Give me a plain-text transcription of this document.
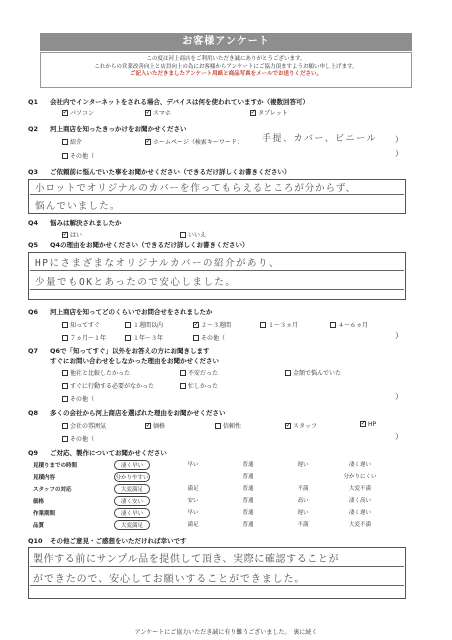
お客様アンケート
この度は河上商店をご利用いただき誠にありがとうございます。
これからの営業改善向上と店員向上の為にお客様からアンケートにご協力頂ますようお願い申し上げます。
ご記入いただきましたアンケート用紙と商品写真をメールでお送りください。
Q1 会社内でインターネットをされる場合、デバイスは何を使われていますか（複数回答可）
✓パソコン ✓	スマホ ✓	タブレット
Q2 河上商店を知ったきっかけをお聞かせください
紹介 ✓	ホームページ（検索キーワード： 手提、カバー、ビニール ）
その他（	）
Q3 ご依頼前に悩んでいた事をお聞かせください（できるだけ詳しくお書きください）
小ロットでオリジナルのカバーを作ってもらえるところが分からず、
悩んでいました。
Q4 悩みは解決されましたか
✓はい	いいえ
Q5 Q4の理由をお聞かせください（できるだけ詳しくお書きください）
HPにさまざまなオリジナルカバーの紹介があり、
少量でもOKとあったので安心しました。
Q6 河上商店を知ってどのくらいでお問合せをされましたか
知ってすぐ	１週間以内 ✓	２～３週間	１～３ヵ月	４～６ヵ月
７ヵ月～１年	１年～３年	その他（	）
Q7 Q6で「知ってすぐ」以外をお答えの方にお聞きします
すぐにお問い合わせをしなかった理由をお聞かせください
他社と比較したかった	不安だった	金額で悩んでいた
すぐに行動する必要がなかった	忙しかった
その他（	）
Q8 多くの会社から河上商店を選ばれた理由をお聞かせください
会社の雰囲気 ✓	価格	信頼性 ✓	スタッフ ✓	HP
その他（	）
Q9 ご対応、製作についてお聞かせください
見積りまでの時間	凄く早い	早い	普通	遅い	凄く遅い
見積内容	分かりやすい	普通	分かりにくい
スタッフの対応	大変満足	満足	普通	不満	大変不満
価格	凄く安い	安い	普通	高い	凄く高い
作業期間	凄く早い	早い	普通	遅い	凄く遅い
品質	大変満足	満足	普通	不満	大変不満
Q10 その他ご意見・ご感想をいただければ幸いです
製作する前にサンプル品を提供して頂き、実際に確認することが
ができたので、安心してお願いすることができました。
アンケートにご協力いただき誠に有り難うございました。　裏に続く
